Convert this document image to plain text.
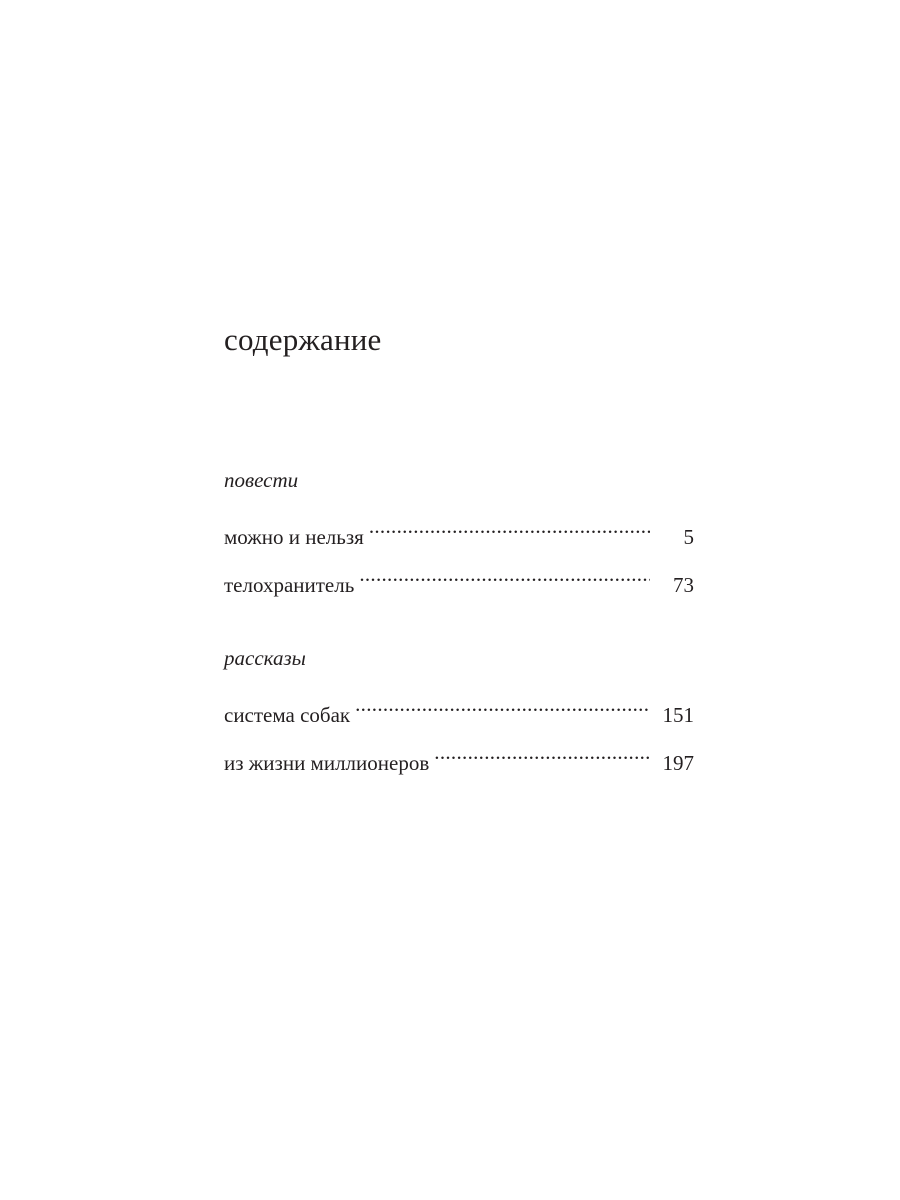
содержание
повести
можно и нельзя .....	5
телохранитель .....	73
рассказы
система собак .....	151
из жизни миллионеров .....	197
